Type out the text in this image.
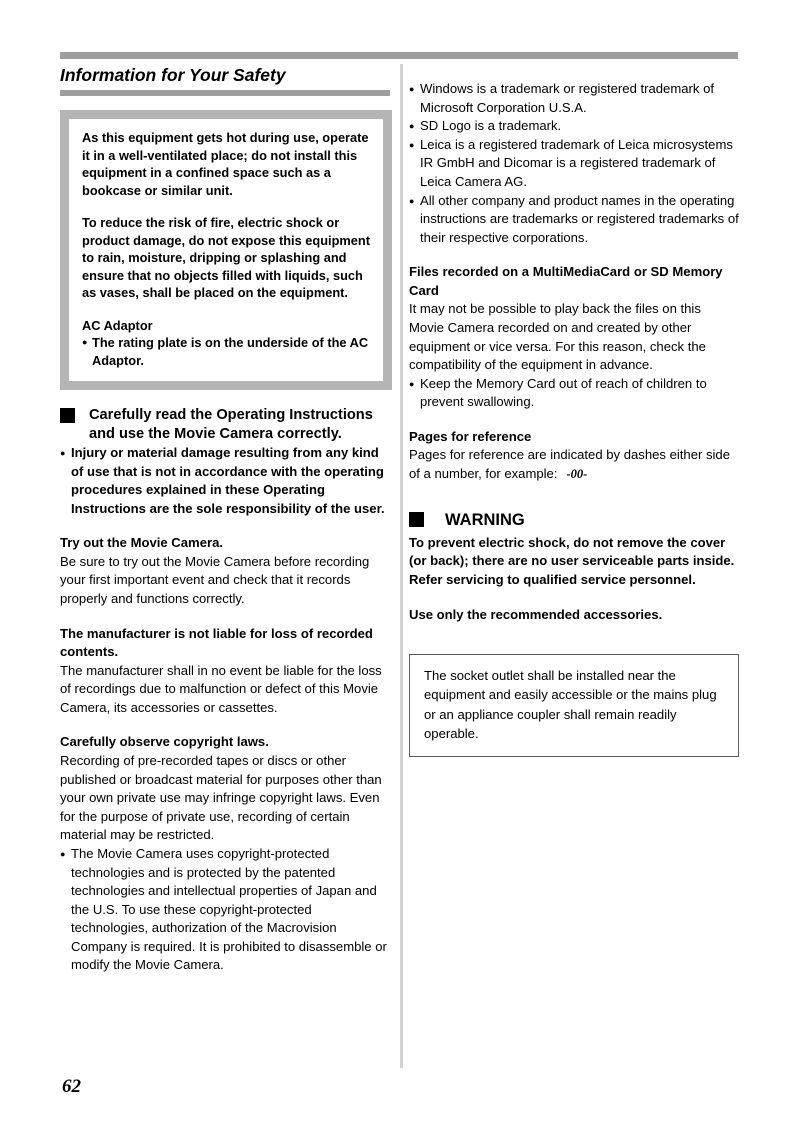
Information for Your Safety

As this equipment gets hot during use, operate it in a well-ventilated place; do not install this equipment in a confined space such as a bookcase or similar unit.

To reduce the risk of fire, electric shock or product damage, do not expose this equipment to rain, moisture, dripping or splashing and ensure that no objects filled with liquids, such as vases, shall be placed on the equipment.

AC Adaptor

● The rating plate is on the underside of the AC Adaptor.
Carefully read the Operating Instructions and use the Movie Camera correctly.
● Injury or material damage resulting from any kind of use that is not in accordance with the operating procedures explained in these Operating Instructions are the sole responsibility of the user.

Try out the Movie Camera.

Be sure to try out the Movie Camera before recording your first important event and check that it records properly and functions correctly.

The manufacturer is not liable for loss of recorded contents.

The manufacturer shall in no event be liable for the loss of recordings due to malfunction or defect of this Movie Camera, its accessories or cassettes.

Carefully observe copyright laws.

Recording of pre-recorded tapes or discs or other published or broadcast material for purposes other than your own private use may infringe copyright laws. Even for the purpose of private use, recording of certain material may be restricted.

● The Movie Camera uses copyright-protected technologies and is protected by the patented technologies and intellectual properties of Japan and the U.S. To use these copyright-protected technologies, authorization of the Macrovision Company is required. It is prohibited to disassemble or modify the Movie Camera.
● Windows is a trademark or registered trademark of Microsoft Corporation U.S.A.
● SD Logo is a trademark.
● Leica is a registered trademark of Leica microsystems IR GmbH and Dicomar is a registered trademark of Leica Camera AG.
● All other company and product names in the operating instructions are trademarks or registered trademarks of their respective corporations.

Files recorded on a MultiMediaCard or SD Memory Card

It may not be possible to play back the files on this Movie Camera recorded on and created by other equipment or vice versa. For this reason, check the compatibility of the equipment in advance.

● Keep the Memory Card out of reach of children to prevent swallowing.

Pages for reference

Pages for reference are indicated by dashes either side of a number, for example: -00-

WARNING

To prevent electric shock, do not remove the cover (or back); there are no user serviceable parts inside.

Refer servicing to qualified service personnel.

Use only the recommended accessories.

The socket outlet shall be installed near the equipment and easily accessible or the mains plug or an appliance coupler shall remain readily operable.

62
